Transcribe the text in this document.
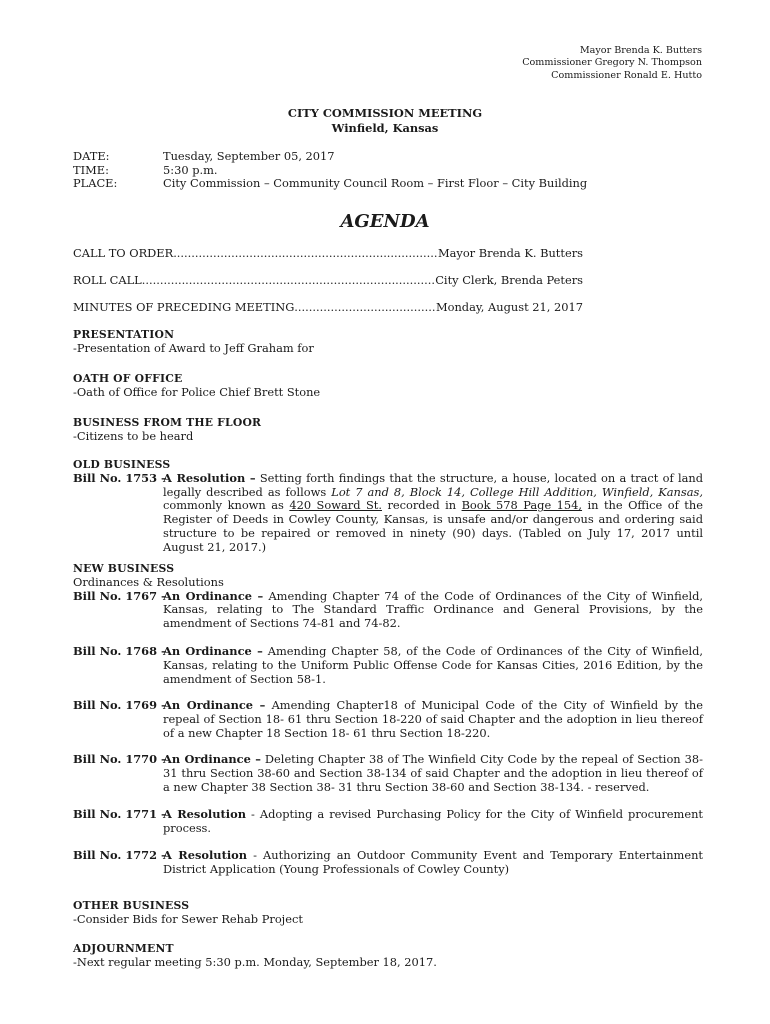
Mayor Brenda K. Butters
Commissioner Gregory N. Thompson
Commissioner Ronald E. Hutto
CITY COMMISSION MEETING
Winfield, Kansas
DATE:	Tuesday, September 05, 2017
TIME:	5:30 p.m.
PLACE:	City Commission – Community Council Room – First Floor – City Building
AGENDA
CALL TO ORDER .....	Mayor Brenda K. Butters
ROLL CALL .....	City Clerk, Brenda Peters
MINUTES OF PRECEDING MEETING .....	Monday, August 21, 2017
PRESENTATION
-Presentation of Award to Jeff Graham for
OATH OF OFFICE
-Oath of Office for Police Chief Brett Stone
BUSINESS FROM THE FLOOR
-Citizens to be heard
OLD BUSINESS
Bill No. 1753 –
A Resolution – Setting forth findings that the structure, a house, located on a tract of land legally described as follows Lot 7 and 8, Block 14, College Hill Addition, Winfield, Kansas, commonly known as 420 Soward St. recorded in Book 578 Page 154, in the Office of the Register of Deeds in Cowley County, Kansas, is unsafe and/or dangerous and ordering said structure to be repaired or removed in ninety (90) days. (Tabled on July 17, 2017 until August 21, 2017.)
NEW BUSINESS
Ordinances & Resolutions
Bill No. 1767 –
An Ordinance – Amending Chapter 74 of the Code of Ordinances of the City of Winfield, Kansas, relating to The Standard Traffic Ordinance and General Provisions, by the amendment of Sections 74-81 and 74-82.
Bill No. 1768 –
An Ordinance – Amending Chapter 58, of the Code of Ordinances of the City of Winfield, Kansas, relating to the Uniform Public Offense Code for Kansas Cities, 2016 Edition, by the amendment of Section 58-1.
Bill No. 1769 –
An Ordinance – Amending Chapter18 of Municipal Code of the City of Winfield by the repeal of Section 18- 61 thru Section 18-220 of said Chapter and the adoption in lieu thereof of a new Chapter 18 Section 18- 61 thru Section 18-220.
Bill No. 1770 –
An Ordinance – Deleting Chapter 38 of The Winfield City Code by the repeal of Section 38- 31 thru Section 38-60 and Section 38-134 of said Chapter and the adoption in lieu thereof of a new Chapter 38 Section 38- 31 thru Section 38-60 and Section 38-134. - reserved.
Bill No. 1771 –
A Resolution - Adopting a revised Purchasing Policy for the City of Winfield procurement process.
Bill No. 1772 –
A Resolution - Authorizing an Outdoor Community Event and Temporary Entertainment District Application (Young Professionals of Cowley County)
OTHER BUSINESS
-Consider Bids for Sewer Rehab Project
ADJOURNMENT
-Next regular meeting 5:30 p.m. Monday, September 18, 2017.
